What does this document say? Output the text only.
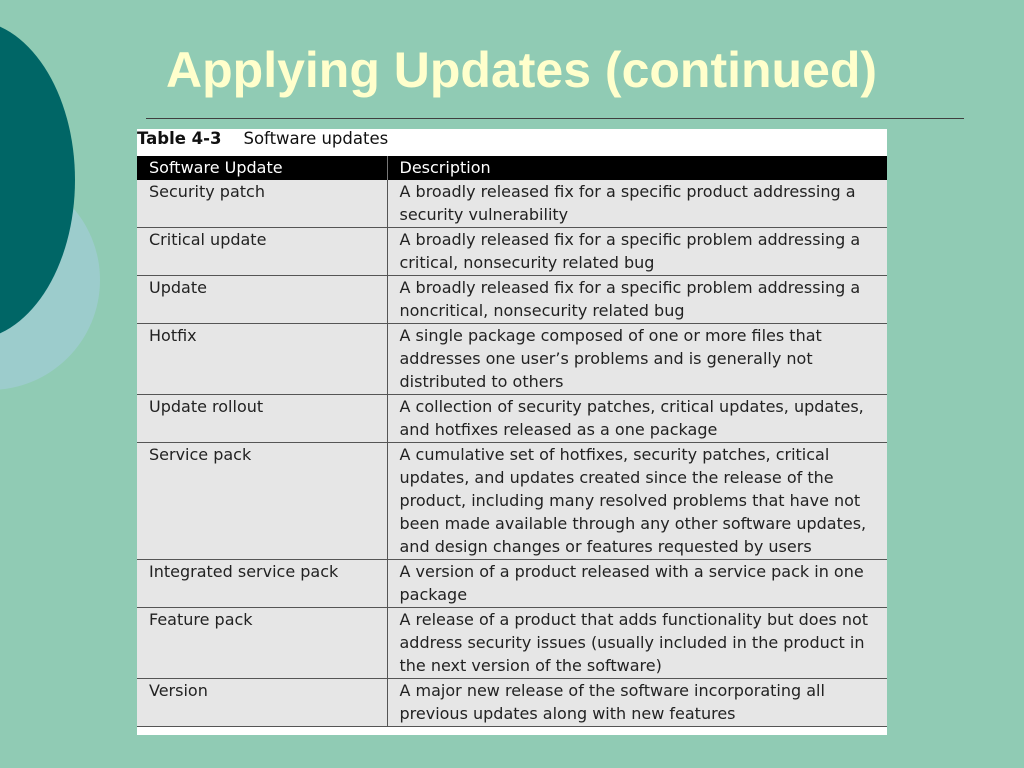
Applying Updates (continued)
Table 4-3 Software updates
Software Update	Description
Security patch	A broadly released fix for a specific product addressing a security vulnerability
Critical update	A broadly released fix for a specific problem addressing a critical, nonsecurity related bug
Update	A broadly released fix for a specific problem addressing a noncritical, nonsecurity related bug
Hotfix	A single package composed of one or more files that addresses one user’s problems and is generally not distributed to others
Update rollout	A collection of security patches, critical updates, updates, and hotfixes released as a one package
Service pack	A cumulative set of hotfixes, security patches, critical updates, and updates created since the release of the product, including many resolved problems that have not been made available through any other software updates, and design changes or features requested by users
Integrated service pack	A version of a product released with a service pack in one package
Feature pack	A release of a product that adds functionality but does not address security issues (usually included in the product in the next version of the software)
Version	A major new release of the software incorporating all previous updates along with new features
